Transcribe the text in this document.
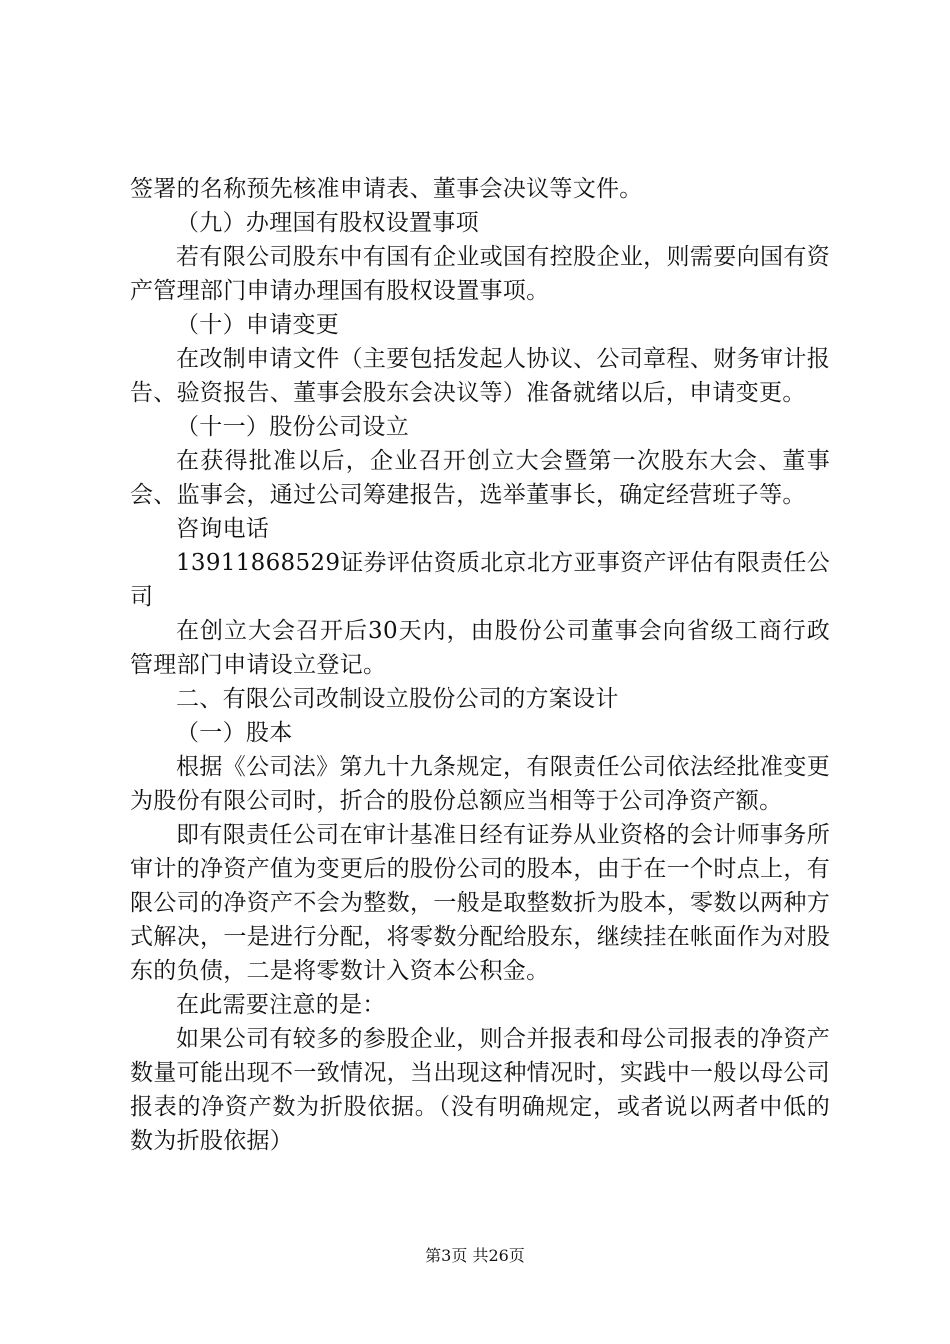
签署的名称预先核准申请表、董事会决议等文件。

（九）办理国有股权设置事项

若有限公司股东中有国有企业或国有控股企业，则需要向国有资产管理部门申请办理国有股权设置事项。

（十）申请变更

在改制申请文件（主要包括发起人协议、公司章程、财务审计报告、验资报告、董事会股东会决议等）准备就绪以后，申请变更。

（十一）股份公司设立

在获得批准以后，企业召开创立大会暨第一次股东大会、董事会、监事会，通过公司筹建报告，选举董事长，确定经营班子等。

咨询电话

13911868529证券评估资质北京北方亚事资产评估有限责任公司

在创立大会召开后30天内，由股份公司董事会向省级工商行政管理部门申请设立登记。

二、有限公司改制设立股份公司的方案设计

（一）股本

根据《公司法》第九十九条规定，有限责任公司依法经批准变更为股份有限公司时，折合的股份总额应当相等于公司净资产额。

即有限责任公司在审计基准日经有证券从业资格的会计师事务所审计的净资产值为变更后的股份公司的股本，由于在一个时点上，有限公司的净资产不会为整数，一般是取整数折为股本，零数以两种方式解决，一是进行分配，将零数分配给股东，继续挂在帐面作为对股东的负债，二是将零数计入资本公积金。

在此需要注意的是：

如果公司有较多的参股企业，则合并报表和母公司报表的净资产数量可能出现不一致情况，当出现这种情况时，实践中一般以母公司报表的净资产数为折股依据。（没有明确规定，或者说以两者中低的数为折股依据）

第3页 共26页
